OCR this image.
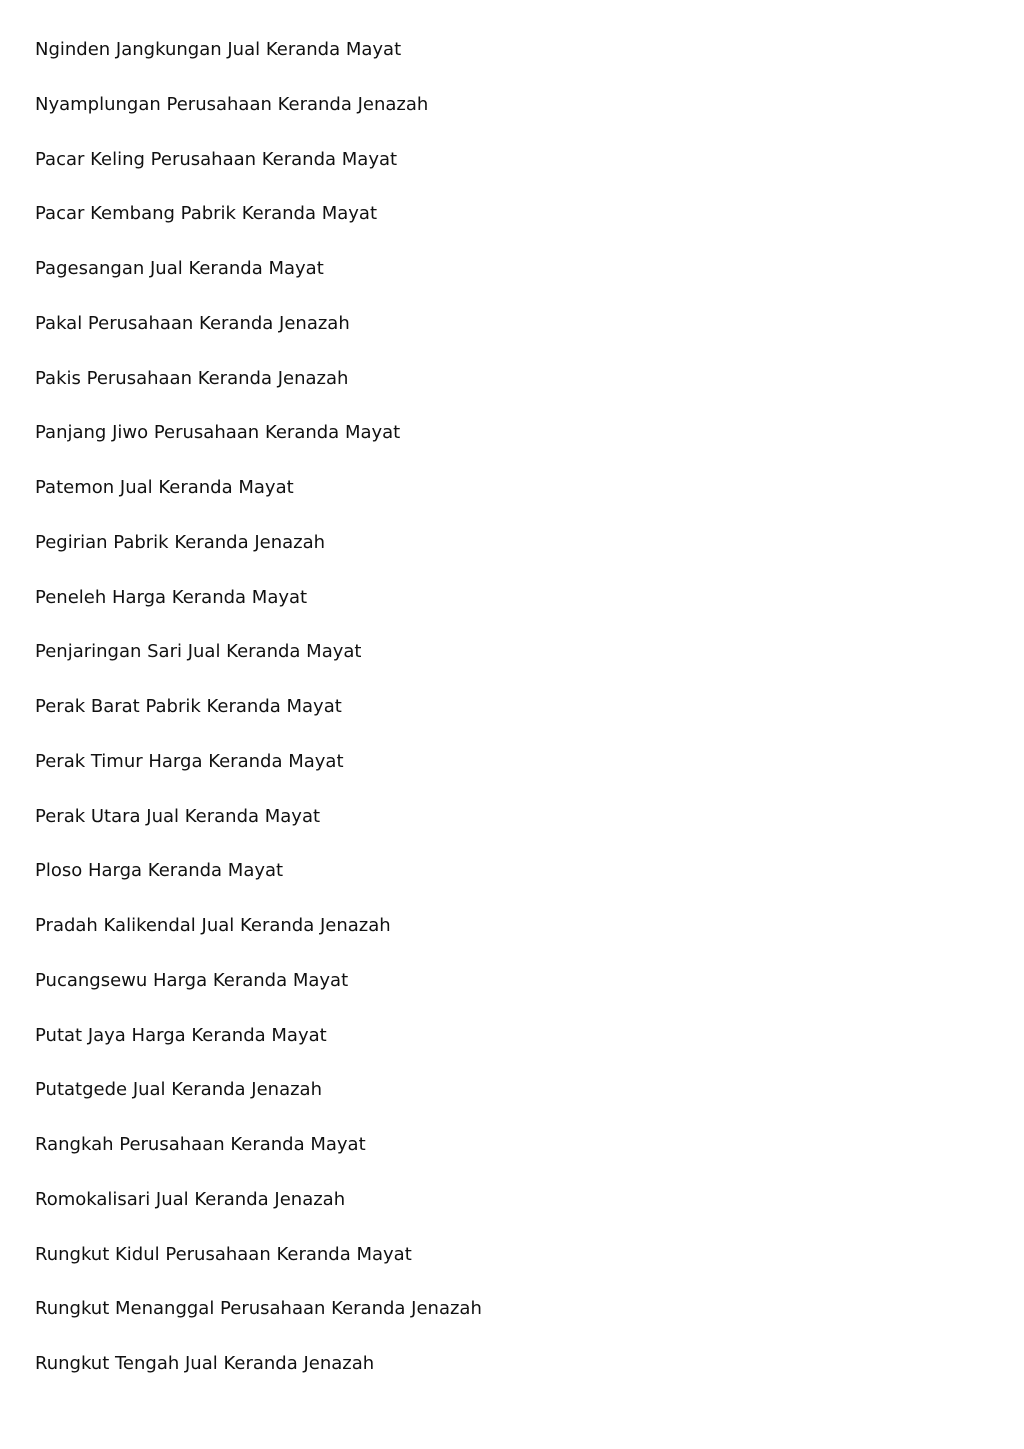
Nginden Jangkungan Jual Keranda Mayat
Nyamplungan Perusahaan Keranda Jenazah
Pacar Keling Perusahaan Keranda Mayat
Pacar Kembang Pabrik Keranda Mayat
Pagesangan Jual Keranda Mayat
Pakal Perusahaan Keranda Jenazah
Pakis Perusahaan Keranda Jenazah
Panjang Jiwo Perusahaan Keranda Mayat
Patemon Jual Keranda Mayat
Pegirian Pabrik Keranda Jenazah
Peneleh Harga Keranda Mayat
Penjaringan Sari Jual Keranda Mayat
Perak Barat Pabrik Keranda Mayat
Perak Timur Harga Keranda Mayat
Perak Utara Jual Keranda Mayat
Ploso Harga Keranda Mayat
Pradah Kalikendal Jual Keranda Jenazah
Pucangsewu Harga Keranda Mayat
Putat Jaya Harga Keranda Mayat
Putatgede Jual Keranda Jenazah
Rangkah Perusahaan Keranda Mayat
Romokalisari Jual Keranda Jenazah
Rungkut Kidul Perusahaan Keranda Mayat
Rungkut Menanggal Perusahaan Keranda Jenazah
Rungkut Tengah Jual Keranda Jenazah
